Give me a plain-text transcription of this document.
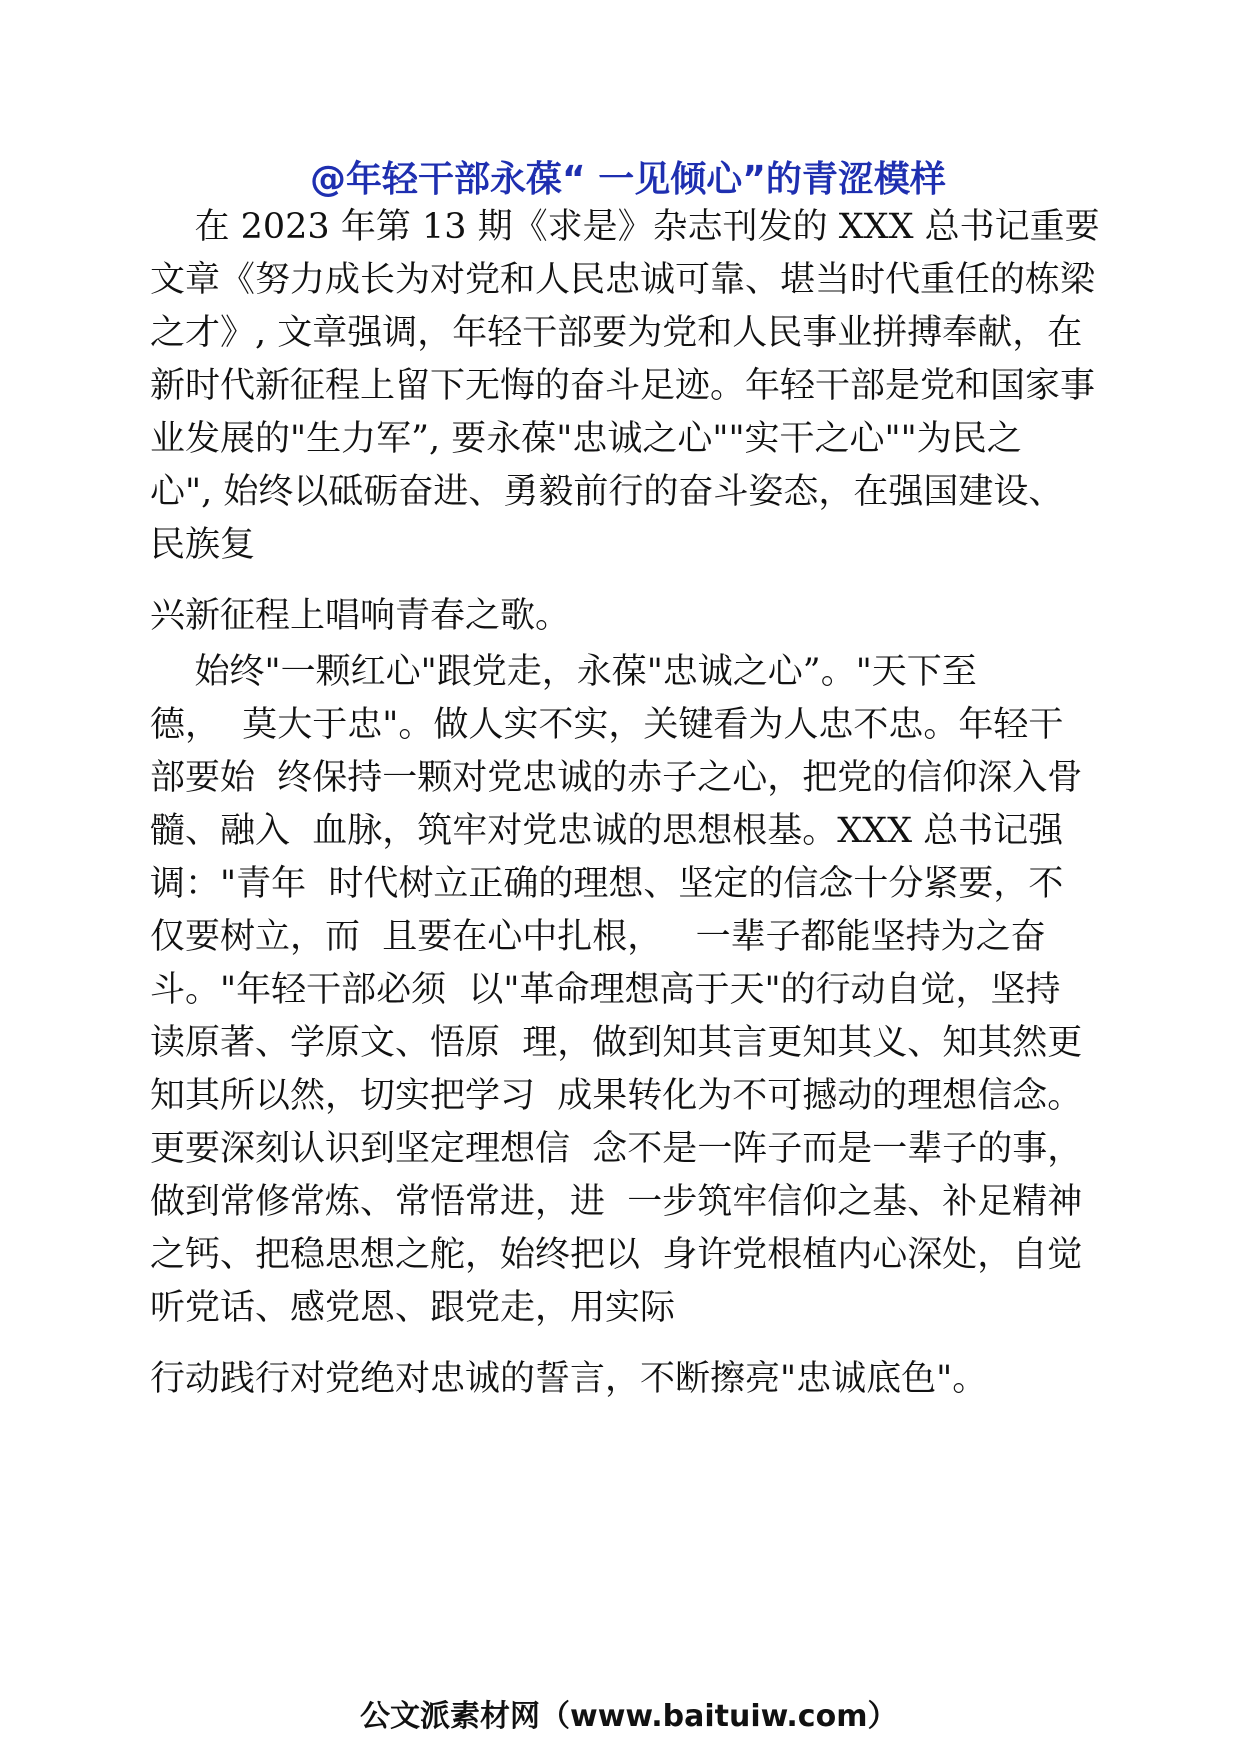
@年轻干部永葆“ 一见倾心”的青涩模样

在 2023 年第 13 期《求是》杂志刊发的 XXX 总书记重要

文章《努力成长为对党和人民忠诚可靠、堪当时代重任的栋梁

之才》, 文章强调，年轻干部要为党和人民事业拼搏奉献，在

新时代新征程上留下无悔的奋斗足迹。年轻干部是党和国家事

业发展的"生力军”, 要永葆"忠诚之心""实干之心""为民之

心", 始终以砥砺奋进、勇毅前行的奋斗姿态，在强国建设、

民族复

兴新征程上唱响青春之歌。

始终"一颗红心"跟党走，永葆"忠诚之心”。"天下至

德，  莫大于忠"。做人实不实，关键看为人忠不忠。年轻干

部要始  终保持一颗对党忠诚的赤子之心，把党的信仰深入骨

髓、融入  血脉，筑牢对党忠诚的思想根基。XXX 总书记强

调："青年  时代树立正确的理想、坚定的信念十分紧要，不

仅要树立，而  且要在心中扎根，   一辈子都能坚持为之奋

斗。"年轻干部必须  以"革命理想高于天"的行动自觉，坚持

读原著、学原文、悟原  理，做到知其言更知其义、知其然更

知其所以然，切实把学习  成果转化为不可撼动的理想信念。

更要深刻认识到坚定理想信  念不是一阵子而是一辈子的事，

做到常修常炼、常悟常进，进  一步筑牢信仰之基、补足精神

之钙、把稳思想之舵，始终把以  身许党根植内心深处，自觉

听党话、感党恩、跟党走，用实际

行动践行对党绝对忠诚的誓言，不断擦亮"忠诚底色"。

公文派素材网（www.baituiw.com）
